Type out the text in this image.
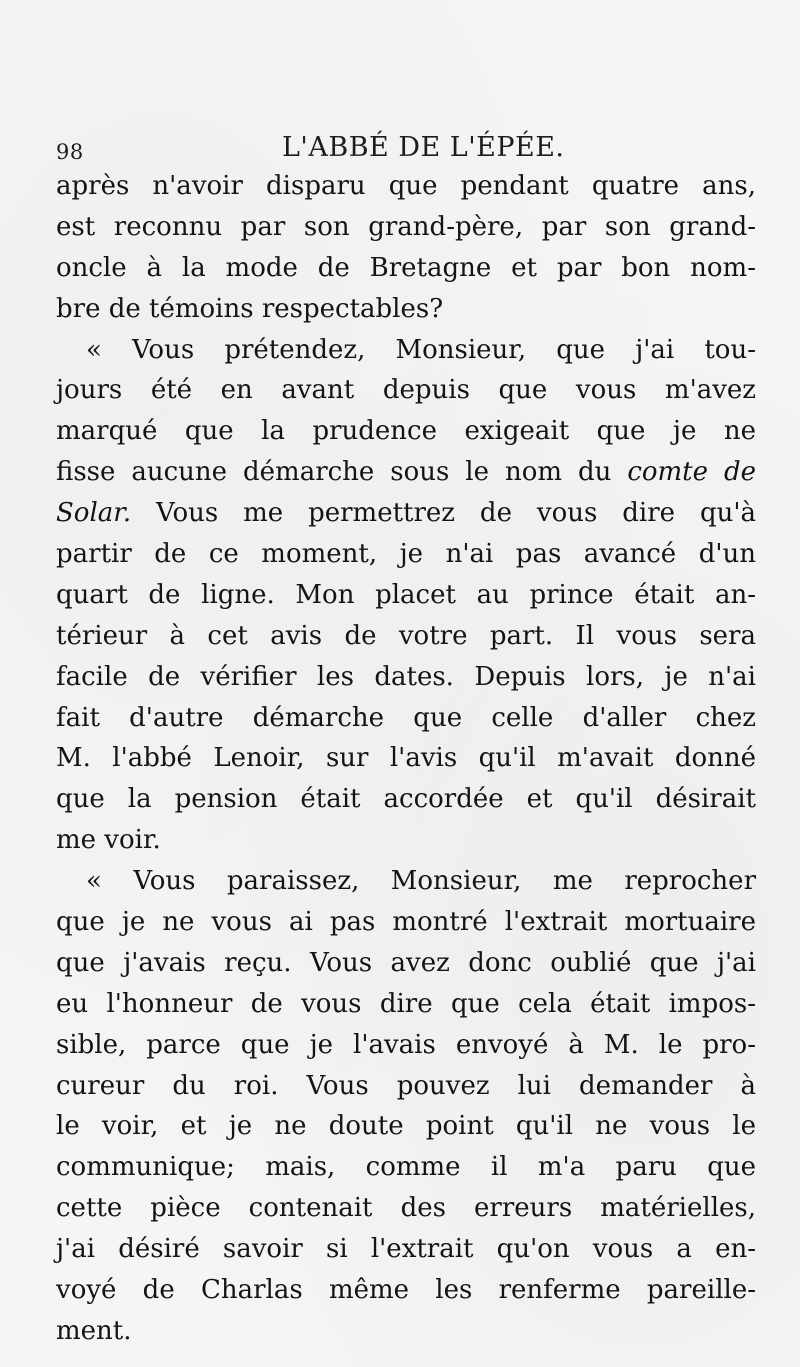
98	L'ABBÉ DE L'ÉPÉE.
après n'avoir disparu que pendant quatre ans,
est reconnu par son grand-père, par son grand-
oncle à la mode de Bretagne et par bon nom-
bre de témoins respectables?
« Vous prétendez, Monsieur, que j'ai tou-
jours été en avant depuis que vous m'avez
marqué que la prudence exigeait que je ne
fisse aucune démarche sous le nom du comte de
Solar. Vous me permettrez de vous dire qu'à
partir de ce moment, je n'ai pas avancé d'un
quart de ligne. Mon placet au prince était an-
térieur à cet avis de votre part. Il vous sera
facile de vérifier les dates. Depuis lors, je n'ai
fait d'autre démarche que celle d'aller chez
M. l'abbé Lenoir, sur l'avis qu'il m'avait donné
que la pension était accordée et qu'il désirait
me voir.
« Vous paraissez, Monsieur, me reprocher
que je ne vous ai pas montré l'extrait mortuaire
que j'avais reçu. Vous avez donc oublié que j'ai
eu l'honneur de vous dire que cela était impos-
sible, parce que je l'avais envoyé à M. le pro-
cureur du roi. Vous pouvez lui demander à
le voir, et je ne doute point qu'il ne vous le
communique; mais, comme il m'a paru que
cette pièce contenait des erreurs matérielles,
j'ai désiré savoir si l'extrait qu'on vous a en-
voyé de Charlas même les renferme pareille-
ment.
